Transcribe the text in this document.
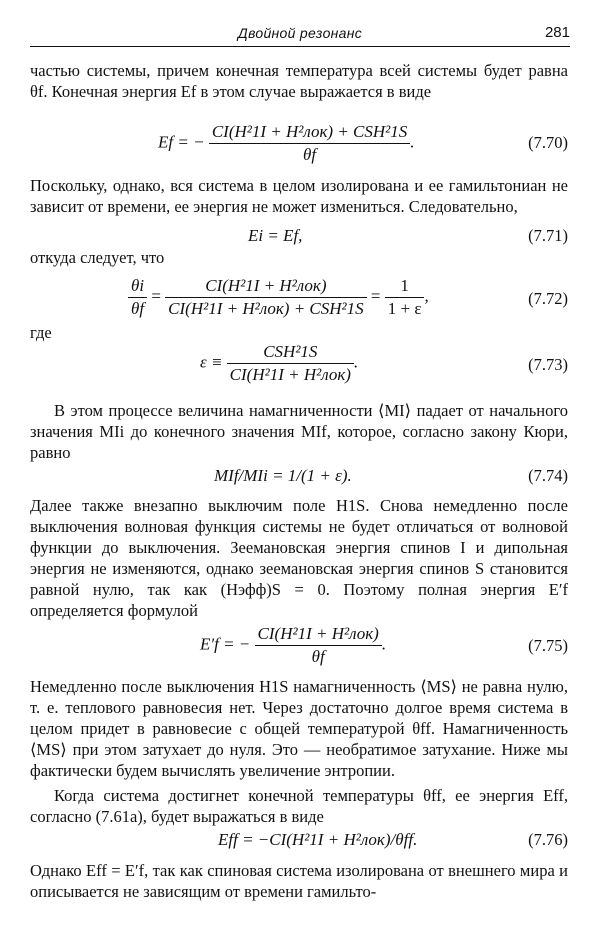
Двойной резонанс	281
частью системы, причем конечная температура всей системы будет равна θf. Конечная энергия Ef в этом случае выражается в виде
Ef = − $\frac{\text{CI(H²1I + H²лок) + CSH²1S}}{\theta f}$ .	(7.70)
Поскольку, однако, вся система в целом изолирована и ее гамильтониан не зависит от времени, ее энергия не может измениться. Следовательно,
Ei = Ef,	(7.71)
откуда следует, что
$\frac{\theta i}{\theta f} = \frac{\text{CI(H²1I + H²лок)}}{\text{CI(H²1I + H²лок) + CSH²1S}} = \frac{1}{1 + \varepsilon}$ ,	(7.72)
где
$\varepsilon \equiv \frac{\text{CSH²1S}}{\text{CI(H²1I + H²лок)}}$ .	(7.73)
В этом процессе величина намагниченности ⟨MI⟩ падает от начального значения MIi до конечного значения MIf, которое, согласно закону Кюри, равно
MIf/MIi = 1/(1 + ε).	(7.74)
Далее также внезапно выключим поле H1S. Снова немедленно после выключения волновая функция системы не будет отличаться от волновой функции до выключения. Зеемановская энергия спинов I и дипольная энергия не изменяются, однако зеемановская энергия спинов S становится равной нулю, так как (Hэфф)S = 0. Поэтому полная энергия E′f определяется формулой
E′f = − $\frac{\text{CI(H²1I + H²лок)}}{\theta f}$ .	(7.75)
Немедленно после выключения H1S намагниченность ⟨MS⟩ не равна нулю, т. е. теплового равновесия нет. Через достаточно долгое время система в целом придет в равновесие с общей температурой θff. Намагниченность ⟨MS⟩ при этом затухает до нуля. Это — необратимое затухание. Ниже мы фактически будем вычислять увеличение энтропии.
Когда система достигнет конечной температуры θff, ее энергия Eff, согласно (7.61a), будет выражаться в виде
Eff = −CI(H²1I + H²лок)/θff.	(7.76)
Однако Eff = E′f, так как спиновая система изолирована от внешнего мира и описывается не зависящим от времени гамильто-
